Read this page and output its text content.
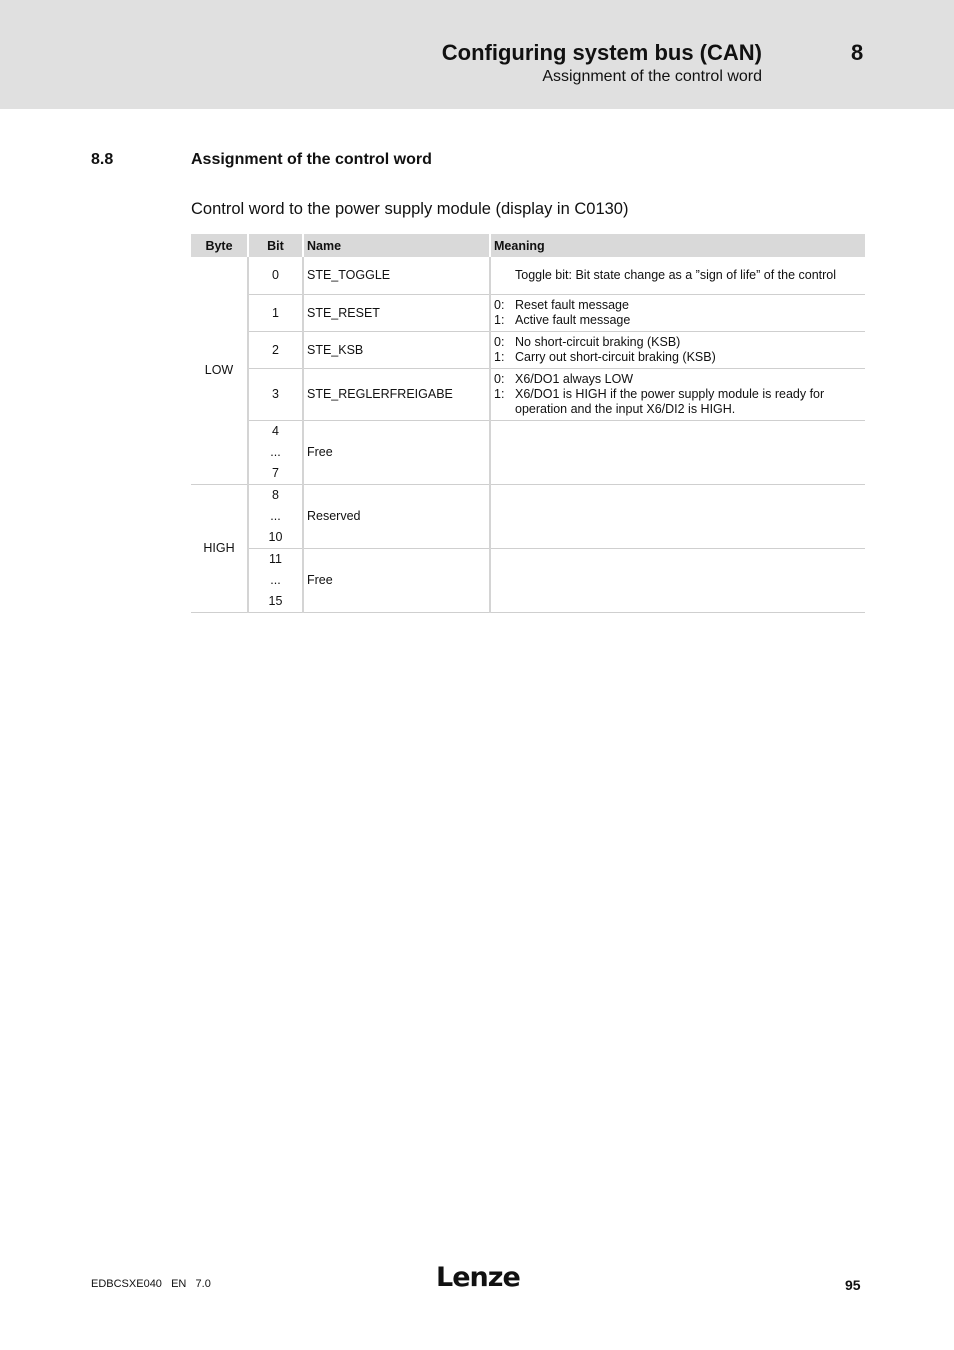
Configuring system bus (CAN)	8
Assignment of the control word
8.8	Assignment of the control word
Control word to the power supply module (display in C0130)
Byte	Bit	Name	Meaning
LOW	0	STE_TOGGLE	Toggle bit: Bit state change as a ”sign of life” of the control

	1	STE_RESET	0: Reset fault message
1: Active fault message

	2	STE_KSB	0: No short-circuit braking (KSB)
1: Carry out short-circuit braking (KSB)

	3	STE_REGLERFREIGABE	0: X6/DO1 always LOW
1: X6/DO1 is HIGH if the power supply module is ready for operation and the input X6/DI2 is HIGH.

	4
...
7	Free	
HIGH	8
...
10	Reserved	

	11
...
15	Free	
EDBCSXE040   EN   7.0	Lenze	95
